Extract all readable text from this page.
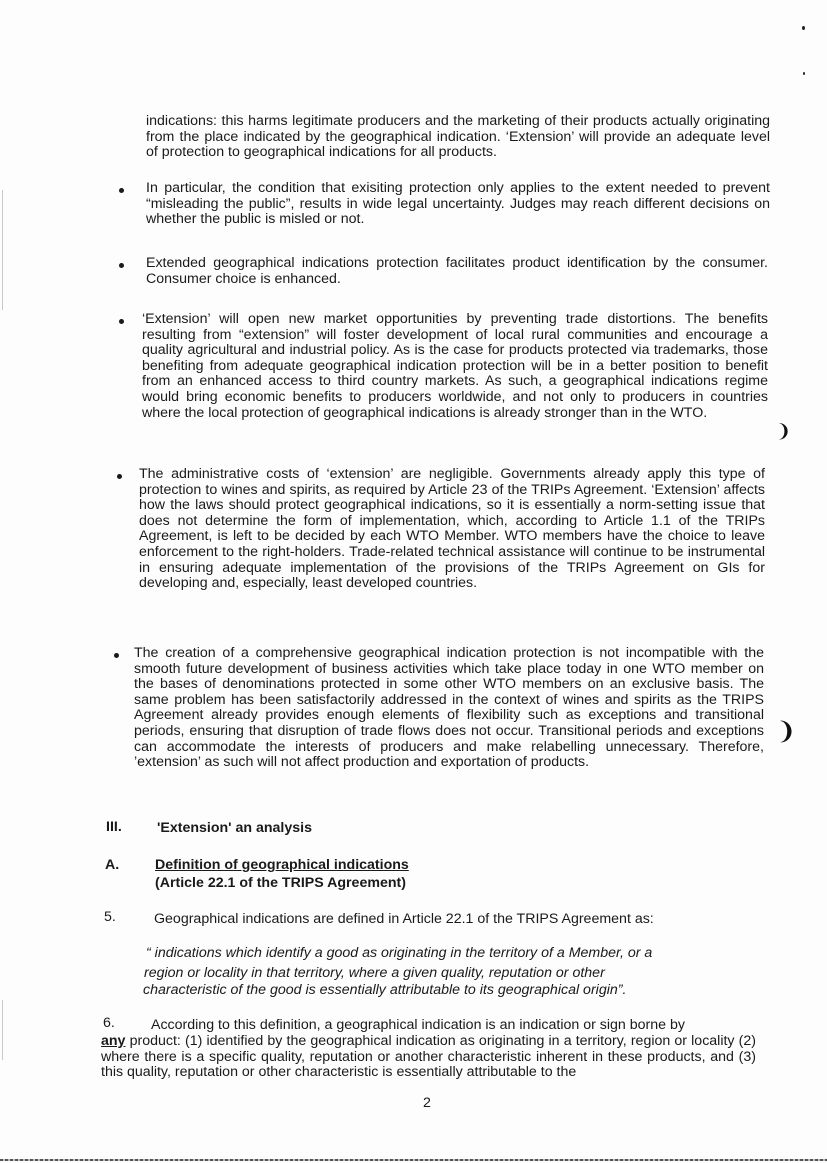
indications: this harms legitimate producers and the marketing of their products actually originating from the place indicated by the geographical indication. ‘Extension’ will provide an adequate level of protection to geographical indications for all products.

In particular, the condition that exisiting protection only applies to the extent needed to prevent “misleading the public”, results in wide legal uncertainty. Judges may reach different decisions on whether the public is misled or not.

Extended geographical indications protection facilitates product identification by the consumer. Consumer choice is enhanced.

‘Extension’ will open new market opportunities by preventing trade distortions. The benefits resulting from “extension” will foster development of local rural communities and encourage a quality agricultural and industrial policy. As is the case for products protected via trademarks, those benefiting from adequate geographical indication protection will be in a better position to benefit from an enhanced access to third country markets. As such, a geographical indications regime would bring economic benefits to producers worldwide, and not only to producers in countries where the local protection of geographical indications is already stronger than in the WTO.

The administrative costs of ‘extension’ are negligible. Governments already apply this type of protection to wines and spirits, as required by Article 23 of the TRIPs Agreement. ‘Extension’ affects how the laws should protect geographical indications, so it is essentially a norm-setting issue that does not determine the form of implementation, which, according to Article 1.1 of the TRIPs Agreement, is left to be decided by each WTO Member. WTO members have the choice to leave enforcement to the right-holders. Trade-related technical assistance will continue to be instrumental in ensuring adequate implementation of the provisions of the TRIPs Agreement on GIs for developing and, especially, least developed countries.

The creation of a comprehensive geographical indication protection is not incompatible with the smooth future development of business activities which take place today in one WTO member on the bases of denominations protected in some other WTO members on an exclusive basis. The same problem has been satisfactorily addressed in the context of wines and spirits as the TRIPS Agreement already provides enough elements of flexibility such as exceptions and transitional periods, ensuring that disruption of trade flows does not occur. Transitional periods and exceptions can accommodate the interests of producers and make relabelling unnecessary. Therefore, ’extension’ as such will not affect production and exportation of products.

III. 'Extension' an analysis
A.	Definition of geographical indications
(Article 22.1 of the TRIPS Agreement)
5.	Geographical indications are defined in Article 22.1 of the TRIPS Agreement as:
“ indications which identify a good as originating in the territory of a Member, or a
region or locality in that territory, where a given quality, reputation or other
characteristic of the good is essentially attributable to its geographical origin”.
6.	According to this definition, a geographical indication is an indication or sign borne by

any product: (1) identified by the geographical indication as originating in a territory, region or locality (2) where there is a specific quality, reputation or another characteristic inherent in these products, and (3) this quality, reputation or other characteristic is essentially attributable to the

2
❩
❩
